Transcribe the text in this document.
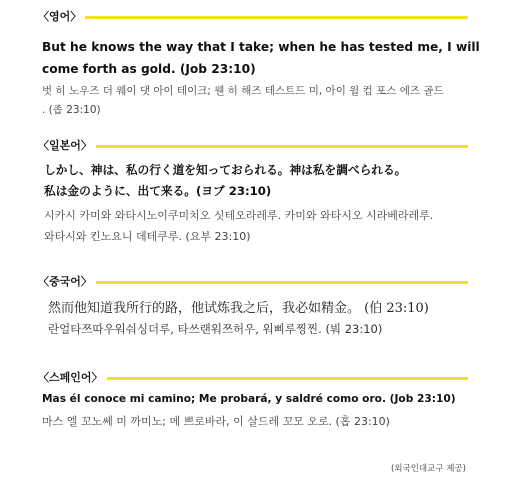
〈영어〉
But he knows the way that I take; when he has tested me, I will
come forth as gold. (Job 23:10)
벗 히 노우즈 더 웨이 댓 아이 테이크; 웬 히 해즈 테스트드 미, 아이 윌 컴 포스 에즈 골드
. (좁 23:10)
〈일본어〉
しかし、神は、私の行く道を知っておられる。神は私を調べられる。
私は金のように、出て来る。(ヨブ 23:10)
시카시 카미와 와타시노이쿠미치오 싯테오라레루. 카미와 와타시오 시라베라레루.
와타시와 킨노요니 데테쿠루. (요부 23:10)
〈중국어〉
然而他知道我所行的路，他试炼我之后，我必如精金。 (伯 23:10)
란얼타쯔따우워숴싱더루, 타쓰랜워쯔허우, 워삐루찡찐. (붜 23:10)
〈스페인어〉
Mas él conoce mi camino; Me probará, y saldré como oro. (Job 23:10)
마스 엘 꼬노쎄 미 까미노; 메 쁘로바라, 이 살드레 꼬모 오로. (홉 23:10)
(외국인대교구 제공)
